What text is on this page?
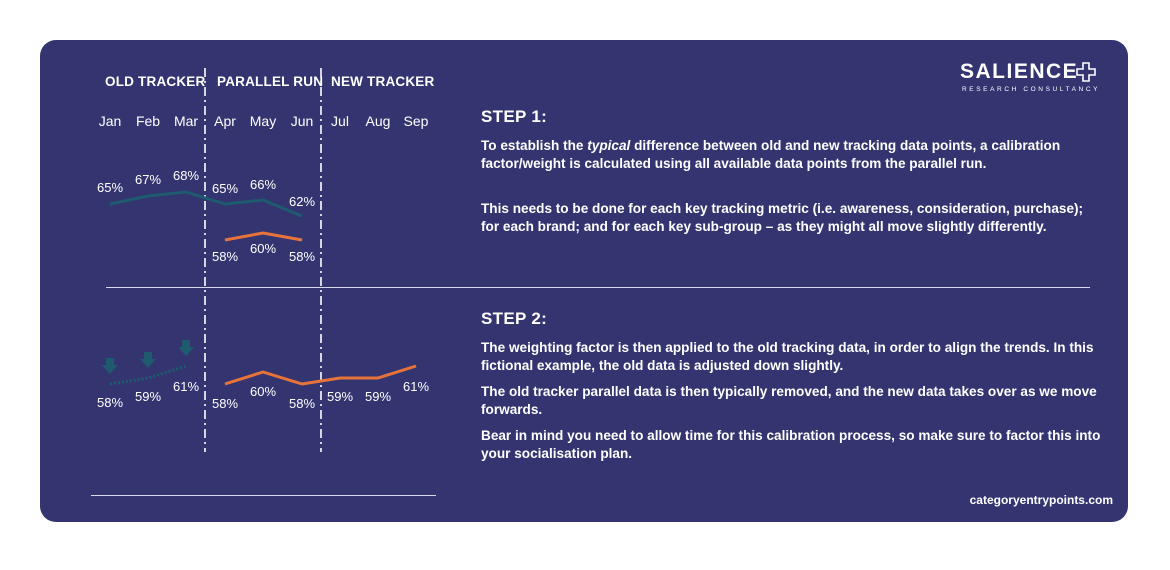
SALIENCE
RESEARCH CONSULTANCY
OLD TRACKER PARALLEL RUN NEW TRACKER
Jan Feb Mar Apr May Jun Jul Aug Sep
65%
67% 68%
65% 66%
62%
58%
60%
58%
58% 59%
61%
58%
60%
58% 59% 59%
61%
STEP 1:

To establish the typical difference between old and new tracking data points, a calibration factor/weight is calculated using all available data points from the parallel run.

This needs to be done for each key tracking metric (i.e. awareness, consideration, purchase); for each brand; and for each key sub-group – as they might all move slightly differently.

STEP 2:

The weighting factor is then applied to the old tracking data, in order to align the trends. In this fictional example, the old data is adjusted down slightly.

The old tracker parallel data is then typically removed, and the new data takes over as we move forwards.

Bear in mind you need to allow time for this calibration process, so make sure to factor this into your socialisation plan.

categoryentrypoints.com
